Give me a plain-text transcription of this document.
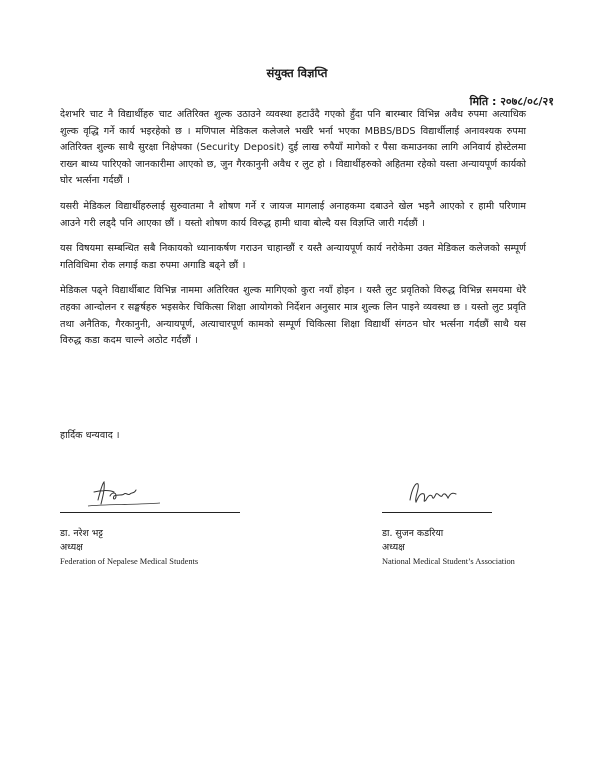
संयुक्त विज्ञप्ति
मिति : २०७८/०८/२१

देशभरि चाट नै विद्यार्थीहरु चाट अतिरिक्त शुल्क उठाउने व्यवस्था हटाउँदै गएको हुँदा पनि बारम्बार विभिन्न अवैध रुपमा अत्याधिक शुल्क वृद्धि गर्ने कार्य भइरहेको छ । मणिपाल मेडिकल कलेजले भर्खरै भर्ना भएका MBBS/BDS विद्यार्थीलाई अनावश्यक रुपमा अतिरिक्त शुल्क साथै सुरक्षा निक्षेपका (Security Deposit) दुई लाख रुपैयाँ मागेको र पैसा कमाउनका लागि अनिवार्य होस्टेलमा राख्न बाध्य पारिएको जानकारीमा आएको छ, जुन गैरकानुनी अवैध र लुट हो । विद्यार्थीहरुको अहितमा रहेको यस्ता अन्यायपूर्ण कार्यको घोर भर्त्सना गर्दछौं ।

यसरी मेडिकल विद्यार्थीहरुलाई सुरुवातमा नै शोषण गर्ने र जायज मागलाई अनाहकमा दबाउने खेल भइनै आएको र हामी परिणाम आउने गरी लड्दै पनि आएका छौं । यस्तो शोषण कार्य विरुद्ध हामी धावा बोल्दै यस विज्ञप्ति जारी गर्दछौं ।

यस विषयमा सम्बन्धित सबै निकायको ध्यानाकर्षण गराउन चाहान्छौं र यस्तै अन्यायपूर्ण कार्य नरोकेमा उक्त मेडिकल कलेजको सम्पूर्ण गतिविधिमा रोक लगाई कडा रुपमा अगाडि बढ्ने छौं ।

मेडिकल पढ्ने विद्यार्थीबाट विभिन्न नाममा अतिरिक्त शुल्क मागिएको कुरा नयाँ होइन । यस्तै लुट प्रवृतिको विरुद्ध विभिन्न समयमा धेरै तहका आन्दोलन र सङ्घर्षहरु भइसकेर चिकित्सा शिक्षा आयोगको निर्देशन अनुसार मात्र शुल्क लिन पाइने व्यवस्था छ । यस्तो लुट प्रवृति तथा अनैतिक, गैरकानुनी, अन्यायपूर्ण, अत्याचारपूर्ण कामको सम्पूर्ण चिकित्सा शिक्षा विद्यार्थी संगठन घोर भर्त्सना गर्दछौं साथै यस विरुद्ध कडा कदम चाल्ने अठोट गर्दछौं ।

हार्दिक धन्यवाद ।
डा. नरेश भट्ट
अध्यक्ष
Federation of Nepalese Medical Students
डा. सुजन कडरिया
अध्यक्ष
National Medical Student’s Association
